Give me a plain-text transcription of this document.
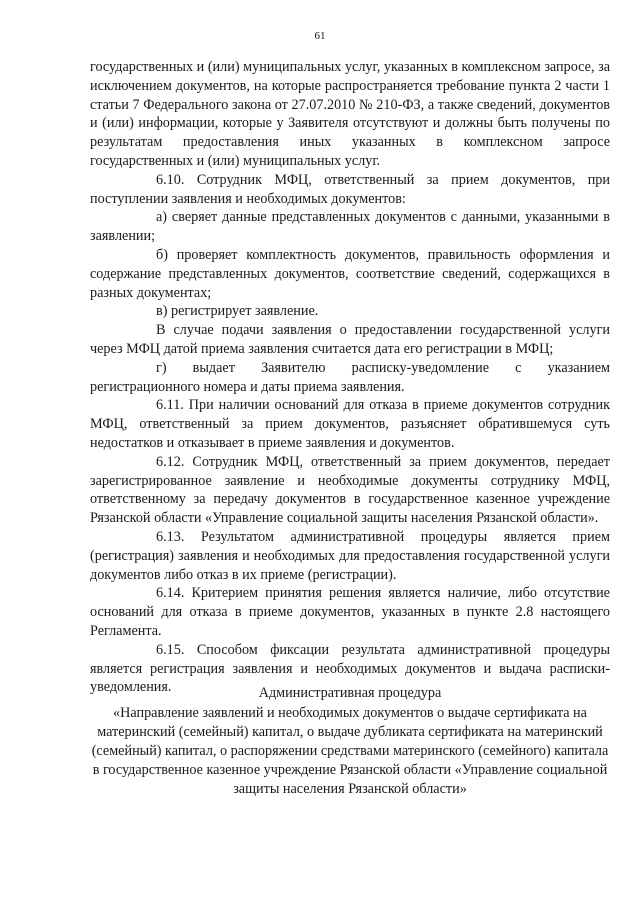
61

государственных и (или) муниципальных услуг, указанных в комплексном запросе, за исключением документов, на которые распространяется требование пункта 2 части 1 статьи 7 Федерального закона от 27.07.2010 № 210-ФЗ, а также сведений, документов и (или) информации, которые у Заявителя отсутствуют и должны быть получены по результатам предоставления иных указанных в комплексном запросе государственных и (или) муниципальных услуг.

6.10. Сотрудник МФЦ, ответственный за прием документов, при поступлении заявления и необходимых документов:

а) сверяет данные представленных документов с данными, указанными в заявлении;

б) проверяет комплектность документов, правильность оформления и содержание представленных документов, соответствие сведений, содержащихся в разных документах;

в) регистрирует заявление.

В случае подачи заявления о предоставлении государственной услуги через МФЦ датой приема заявления считается дата его регистрации в МФЦ;

г) выдает Заявителю расписку-уведомление с указанием регистрационного номера и даты приема заявления.

6.11. При наличии оснований для отказа в приеме документов сотрудник МФЦ, ответственный за прием документов, разъясняет обратившемуся суть недостатков и отказывает в приеме заявления и документов.

6.12. Сотрудник МФЦ, ответственный за прием документов, передает зарегистрированное заявление и необходимые документы сотруднику МФЦ, ответственному за передачу документов в государственное казенное учреждение Рязанской области «Управление социальной защиты населения Рязанской области».

6.13. Результатом административной процедуры является прием (регистрация) заявления и необходимых для предоставления государственной услуги документов либо отказ в их приеме (регистрации).

6.14. Критерием принятия решения является наличие, либо отсутствие оснований для отказа в приеме документов, указанных в пункте 2.8 настоящего Регламента.

6.15. Способом фиксации результата административной процедуры является регистрация заявления и необходимых документов и выдача расписки-уведомления.	Административная процедура
«Направление заявлений и необходимых документов о выдаче сертификата на материнский (семейный) капитал, о выдаче дубликата сертификата на материнский (семейный) капитал, о распоряжении средствами материнского (семейного) капитала в государственное казенное учреждение Рязанской области «Управление социальной защиты населения Рязанской области»
